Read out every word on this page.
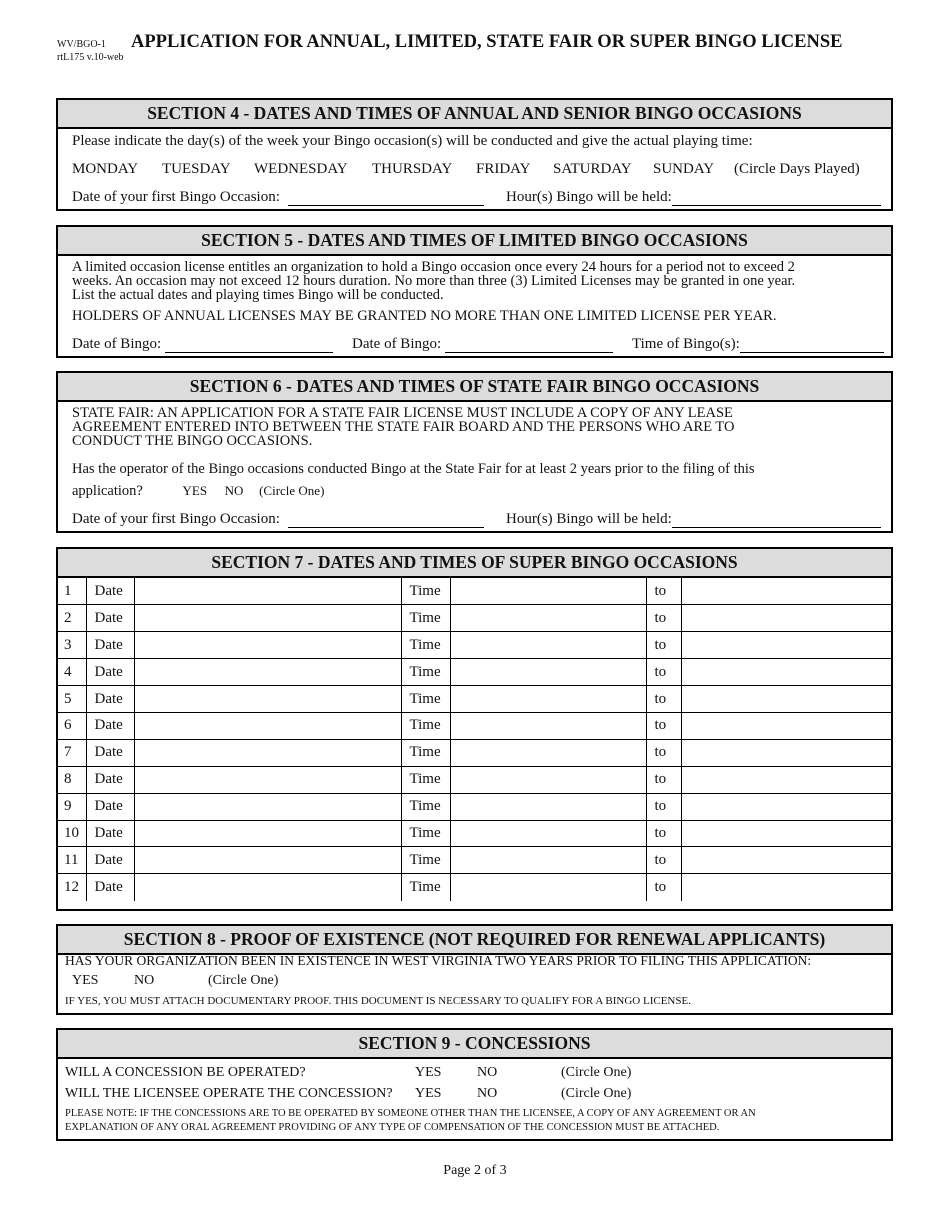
WV/BGO-1
rtL175 v.10-web
APPLICATION FOR ANNUAL, LIMITED, STATE FAIR OR SUPER BINGO LICENSE
SECTION 4 - DATES AND TIMES OF ANNUAL AND SENIOR BINGO OCCASIONS
Please indicate the day(s) of the week your Bingo occasion(s) will be conducted and give the actual playing time:
MONDAY TUESDAY WEDNESDAY THURSDAY FRIDAY SATURDAY SUNDAY (Circle Days Played)
Date of your first Bingo Occasion:	Hour(s) Bingo will be held:
SECTION 5 - DATES AND TIMES OF LIMITED BINGO OCCASIONS
A limited occasion license entitles an organization to hold a Bingo occasion once every 24 hours for a period not to exceed 2
weeks. An occasion may not exceed 12 hours duration. No more than three (3) Limited Licenses may be granted in one year.
List the actual dates and playing times Bingo will be conducted.
HOLDERS OF ANNUAL LICENSES MAY BE GRANTED NO MORE THAN ONE LIMITED LICENSE PER YEAR.
Date of Bingo:	Date of Bingo:	Time of Bingo(s):
SECTION 6 - DATES AND TIMES OF STATE FAIR BINGO OCCASIONS
STATE FAIR: AN APPLICATION FOR A STATE FAIR LICENSE MUST INCLUDE A COPY OF ANY LEASE
AGREEMENT ENTERED INTO BETWEEN THE STATE FAIR BOARD AND THE PERSONS WHO ARE TO
CONDUCT THE BINGO OCCASIONS.
Has the operator of the Bingo occasions conducted Bingo at the State Fair for at least 2 years prior to the filing of this
application?	YES NO (Circle One)
Date of your first Bingo Occasion:	Hour(s) Bingo will be held:
SECTION 7 - DATES AND TIMES OF SUPER BINGO OCCASIONS
1	Date		Time		to	
2	Date		Time		to	
3	Date		Time		to	
4	Date		Time		to	
5	Date		Time		to	
6	Date		Time		to	
7	Date		Time		to	
8	Date		Time		to	
9	Date		Time		to	
10	Date		Time		to	
11	Date		Time		to	
12	Date		Time		to	
SECTION 8 - PROOF OF EXISTENCE (NOT REQUIRED FOR RENEWAL APPLICANTS)
HAS YOUR ORGANIZATION BEEN IN EXISTENCE IN WEST VIRGINIA TWO YEARS PRIOR TO FILING THIS APPLICATION:
YES	NO	(Circle One)
IF YES, YOU MUST ATTACH DOCUMENTARY PROOF. THIS DOCUMENT IS NECESSARY TO QUALIFY FOR A BINGO LICENSE.
SECTION 9 - CONCESSIONS
WILL A CONCESSION BE OPERATED?	YES	NO	(Circle One)
WILL THE LICENSEE OPERATE THE CONCESSION? YES	NO	(Circle One)
PLEASE NOTE: IF THE CONCESSIONS ARE TO BE OPERATED BY SOMEONE OTHER THAN THE LICENSEE, A COPY OF ANY AGREEMENT OR AN
EXPLANATION OF ANY ORAL AGREEMENT PROVIDING OF ANY TYPE OF COMPENSATION OF THE CONCESSION MUST BE ATTACHED.
Page 2 of 3
